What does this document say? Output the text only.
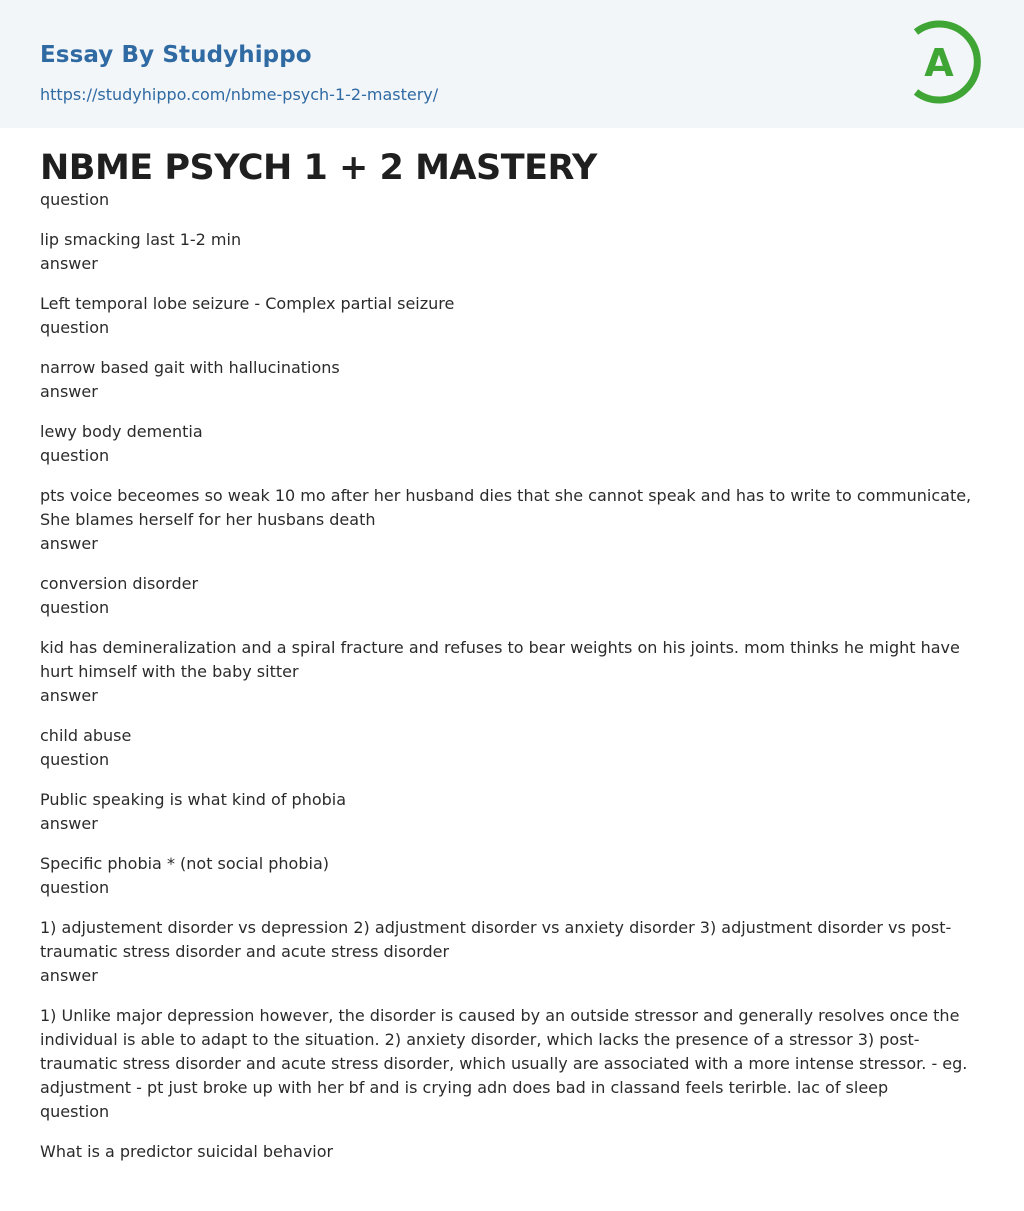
Essay By Studyhippo
https://studyhippo.com/nbme-psych-1-2-mastery/
A
NBME PSYCH 1 + 2 MASTERY
question
lip smacking last 1-2 min
answer
Left temporal lobe seizure - Complex partial seizure
question
narrow based gait with hallucinations
answer
lewy body dementia
question
pts voice beceomes so weak 10 mo after her husband dies that she cannot speak and has to write to communicate, She blames herself for her husbans death
answer
conversion disorder
question
kid has demineralization and a spiral fracture and refuses to bear weights on his joints. mom thinks he might have hurt himself with the baby sitter
answer
child abuse
question
Public speaking is what kind of phobia
answer
Specific phobia * (not social phobia)
question
1) adjustement disorder vs depression 2) adjustment disorder vs anxiety disorder 3) adjustment disorder vs post-traumatic stress disorder and acute stress disorder
answer
1) Unlike major depression however, the disorder is caused by an outside stressor and generally resolves once the individual is able to adapt to the situation. 2) anxiety disorder, which lacks the presence of a stressor 3) post-traumatic stress disorder and acute stress disorder, which usually are associated with a more intense stressor. - eg. adjustment - pt just broke up with her bf and is crying adn does bad in classand feels terirble. lac of sleep
question
What is a predictor suicidal behavior
